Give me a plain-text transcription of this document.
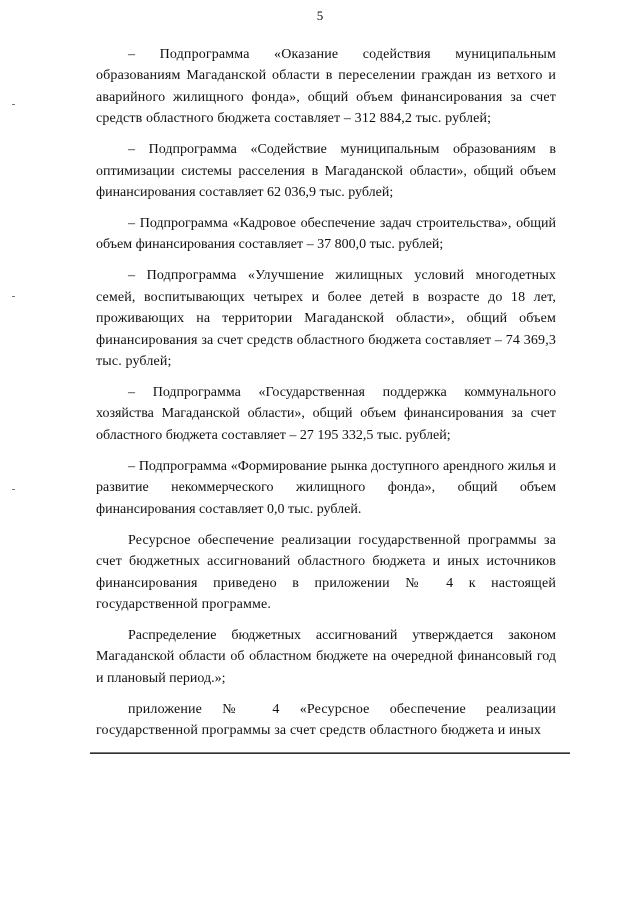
5

– Подпрограмма «Оказание содействия муниципальным образованиям Магаданской области в переселении граждан из ветхого и аварийного жилищного фонда», общий объем финансирования за счет средств областного бюджета составляет – 312 884,2 тыс. рублей;

– Подпрограмма «Содействие муниципальным образованиям в оптимизации системы расселения в Магаданской области», общий объем финансирования составляет 62 036,9 тыс. рублей;

– Подпрограмма «Кадровое обеспечение задач строительства», общий объем финансирования составляет – 37 800,0 тыс. рублей;

– Подпрограмма «Улучшение жилищных условий многодетных семей, воспитывающих четырех и более детей в возрасте до 18 лет, проживающих на территории Магаданской области», общий объем финансирования за счет средств областного бюджета составляет – 74 369,3 тыс. рублей;

– Подпрограмма «Государственная поддержка коммунального хозяйства Магаданской области», общий объем финансирования за счет областного бюджета составляет – 27 195 332,5 тыс. рублей;

– Подпрограмма «Формирование рынка доступного арендного жилья и развитие некоммерческого жилищного фонда», общий объем финансирования составляет 0,0 тыс. рублей.

Ресурсное обеспечение реализации государственной программы за счет бюджетных ассигнований областного бюджета и иных источников финансирования приведено в приложении № 4 к настоящей государственной программе.

Распределение бюджетных ассигнований утверждается законом Магаданской области об областном бюджете на очередной финансовый год и плановый период.»;

приложение № 4 «Ресурсное обеспечение реализации государственной программы за счет средств областного бюджета и иных
